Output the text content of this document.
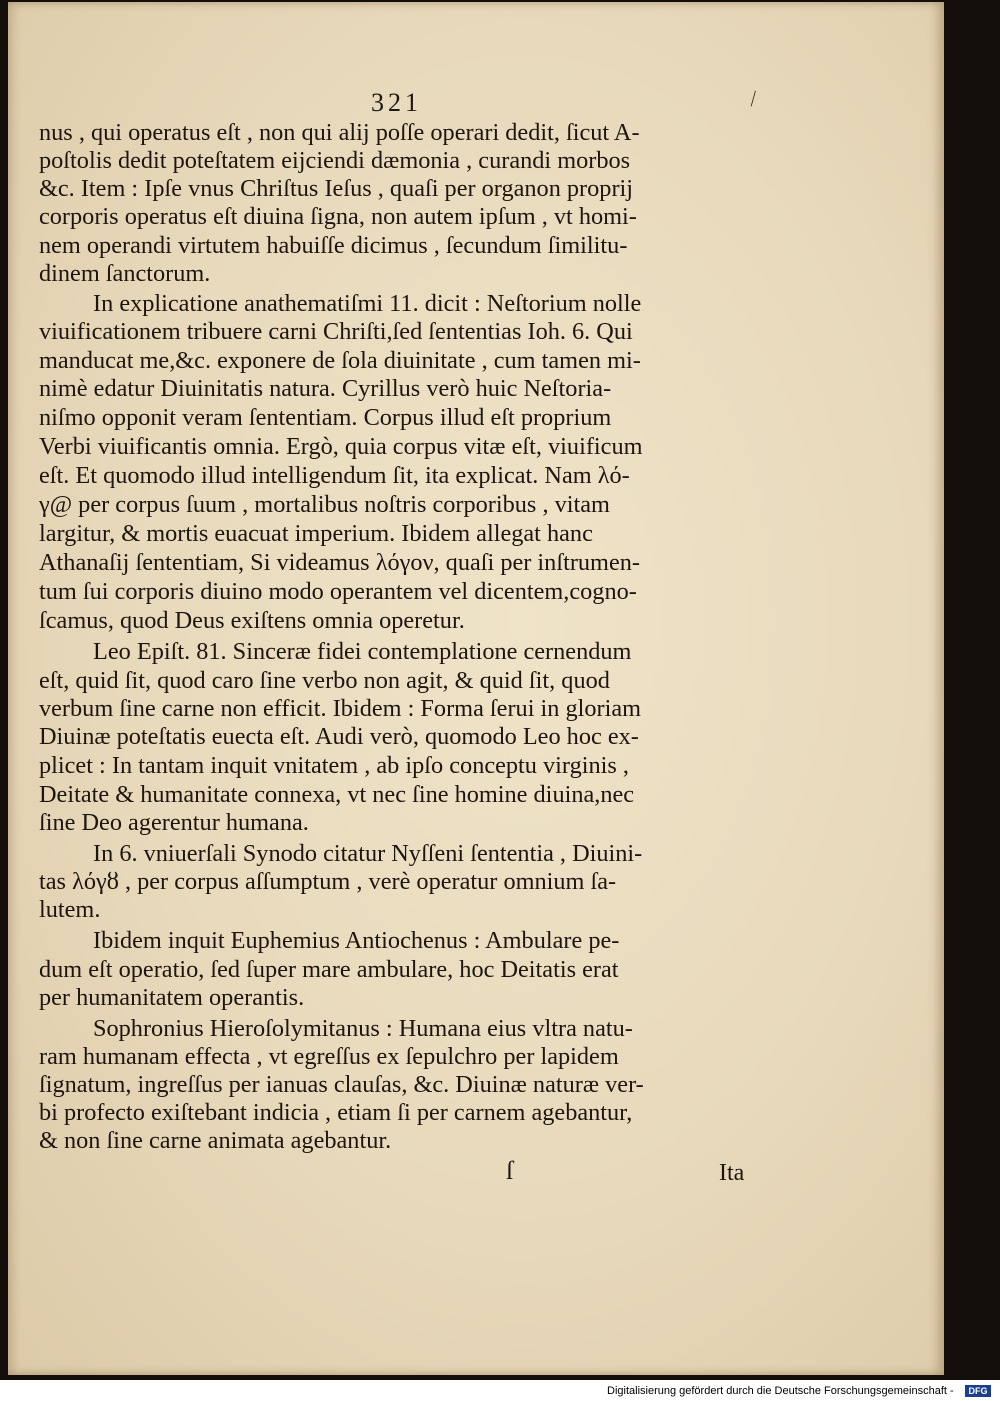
321	⁄
nus , qui operatus eſt , non qui alij poſſe operari dedit, ſicut A-
poſtolis dedit poteſtatem eijciendi dæmonia , curandi morbos
&c. Item : Ipſe vnus Chriſtus Ieſus , quaſi per organon proprij
corporis operatus eſt diuina ſigna, non autem ipſum , vt homi-
nem operandi virtutem habuiſſe dicimus , ſecundum ſimilitu-
dinem ſanctorum.
In explicatione anathematiſmi 11. dicit : Neſtorium nolle
viuificationem tribuere carni Chriſti,ſed ſententias Ioh. 6. Qui
manducat me,&c. exponere de ſola diuinitate , cum tamen mi-
nimè edatur Diuinitatis natura. Cyrillus verò huic Neſtoria-
niſmo opponit veram ſententiam. Corpus illud eſt proprium
Verbi viuificantis omnia. Ergò, quia corpus vitæ eſt, viuificum
eſt. Et quomodo illud intelligendum ſit, ita explicat. Nam λό-
γ@ per corpus ſuum , mortalibus noſtris corporibus , vitam
largitur, & mortis euacuat imperium. Ibidem allegat hanc
Athanaſij ſententiam, Si videamus λόγον, quaſi per inſtrumen-
tum ſui corporis diuino modo operantem vel dicentem,cogno-
ſcamus, quod Deus exiſtens omnia operetur.
Leo Epiſt. 81. Sinceræ fidei contemplatione cernendum
eſt, quid ſit, quod caro ſine verbo non agit, & quid ſit, quod
verbum ſine carne non efficit. Ibidem : Forma ſerui in gloriam
Diuinæ poteſtatis euecta eſt. Audi verò, quomodo Leo hoc ex-
plicet : In tantam inquit vnitatem , ab ipſo conceptu virginis ,
Deitate & humanitate connexa, vt nec ſine homine diuina,nec
ſine Deo agerentur humana.
In 6. vniuerſali Synodo citatur Nyſſeni ſententia , Diuini-
tas λόγȣ , per corpus aſſumptum , verè operatur omnium ſa-
lutem.
Ibidem inquit Euphemius Antiochenus : Ambulare pe-
dum eſt operatio, ſed ſuper mare ambulare, hoc Deitatis erat
per humanitatem operantis.
Sophronius Hieroſolymitanus : Humana eius vltra natu-
ram humanam effecta , vt egreſſus ex ſepulchro per lapidem
ſignatum, ingreſſus per ianuas clauſas, &c. Diuinæ naturæ ver-
bi profecto exiſtebant indicia , etiam ſi per carnem agebantur,
& non ſine carne animata agebantur.
ſ	Ita
Digitalisierung gefördert durch die Deutsche Forschungsgemeinschaft -	DFG
